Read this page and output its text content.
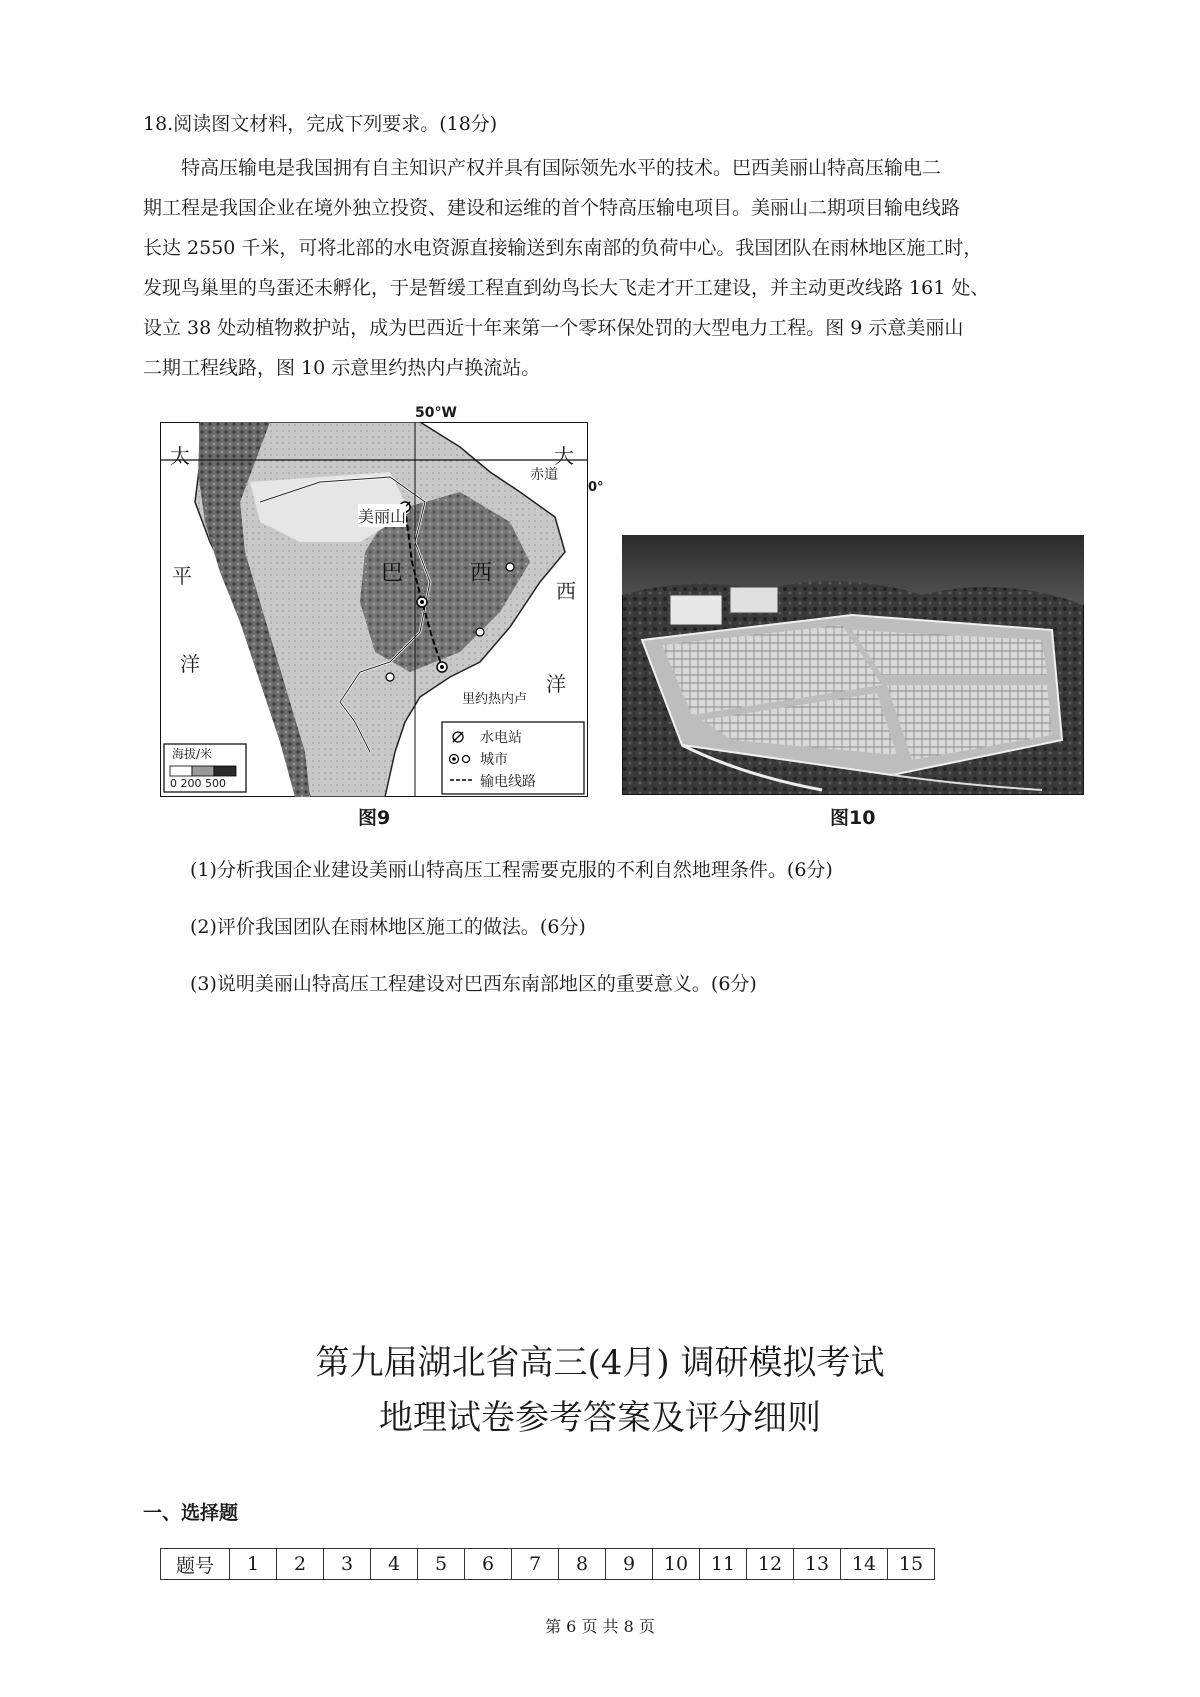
18.阅读图文材料，完成下列要求。(18分)

特高压输电是我国拥有自主知识产权并具有国际领先水平的技术。巴西美丽山特高压输电二

期工程是我国企业在境外独立投资、建设和运维的首个特高压输电项目。美丽山二期项目输电线路

长达 2550 千米，可将北部的水电资源直接输送到东南部的负荷中心。我国团队在雨林地区施工时，

发现鸟巢里的鸟蛋还未孵化，于是暂缓工程直到幼鸟长大飞走才开工建设，并主动更改线路 161 处、

设立 38 处动植物救护站，成为巴西近十年来第一个零环保处罚的大型电力工程。图 9 示意美丽山

二期工程线路，图 10 示意里约热内卢换流站。

50°W
0°
太
平
洋
大
西
洋
赤道
美丽山
巴	西
里约热内卢
海拔/米
0 200 500
水电站
城市
输电线路
图9	图10
(1)分析我国企业建设美丽山特高压工程需要克服的不利自然地理条件。(6分)
(2)评价我国团队在雨林地区施工的做法。(6分)
(3)说明美丽山特高压工程建设对巴西东南部地区的重要意义。(6分)
第九届湖北省高三(4月) 调研模拟考试
地理试卷参考答案及评分细则
一、选择题
题号	1	2	3	4	5	6	7	8	9	10	11	12	13	14	15
第 6 页 共 8 页
